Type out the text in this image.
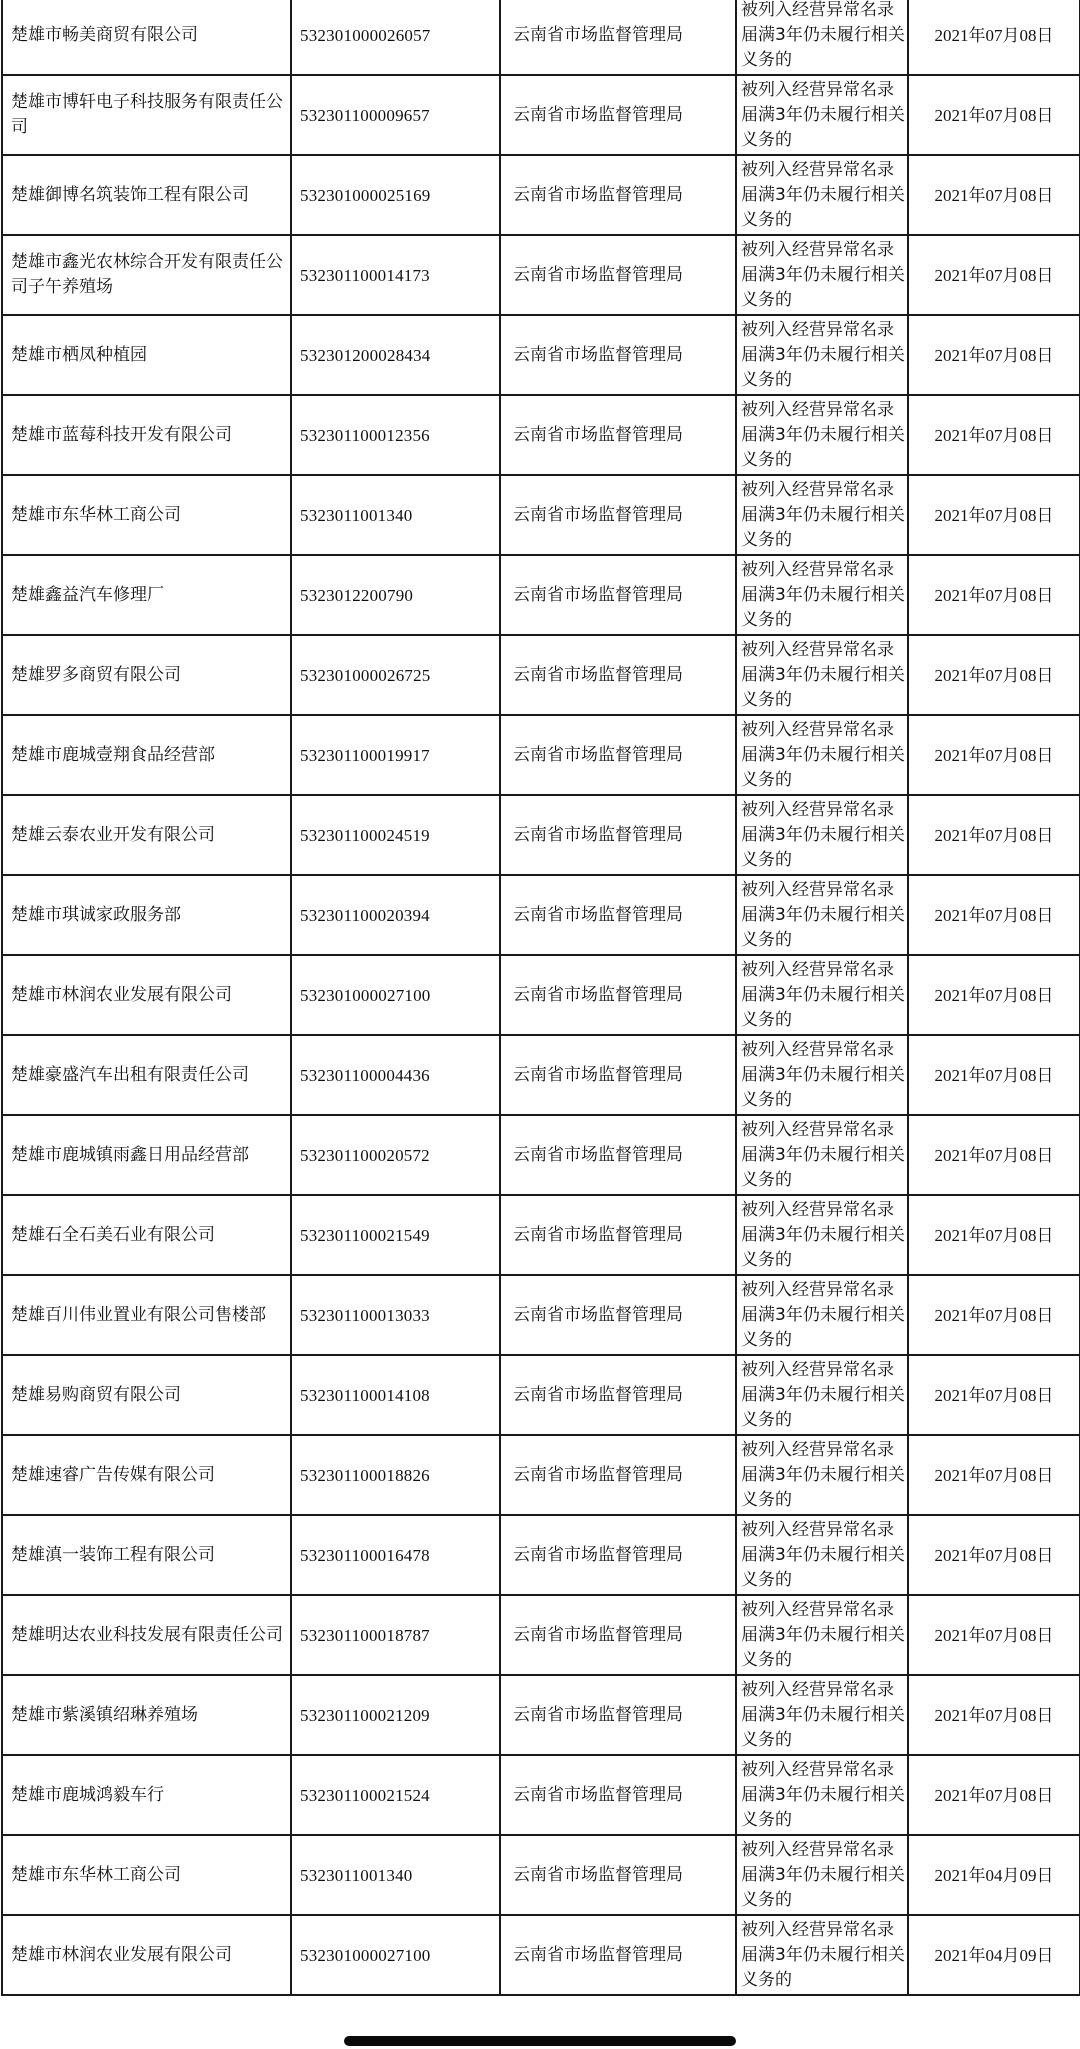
楚雄市畅美商贸有限公司	532301000026057	云南省市场监督管理局	被列入经营异常名录届满3年仍未履行相关义务的	2021年07月08日
楚雄市博轩电子科技服务有限责任公司	532301100009657	云南省市场监督管理局	被列入经营异常名录届满3年仍未履行相关义务的	2021年07月08日
楚雄御博名筑装饰工程有限公司	532301000025169	云南省市场监督管理局	被列入经营异常名录届满3年仍未履行相关义务的	2021年07月08日
楚雄市鑫光农林综合开发有限责任公司子午养殖场	532301100014173	云南省市场监督管理局	被列入经营异常名录届满3年仍未履行相关义务的	2021年07月08日
楚雄市栖凤种植园	532301200028434	云南省市场监督管理局	被列入经营异常名录届满3年仍未履行相关义务的	2021年07月08日
楚雄市蓝莓科技开发有限公司	532301100012356	云南省市场监督管理局	被列入经营异常名录届满3年仍未履行相关义务的	2021年07月08日
楚雄市东华林工商公司	5323011001340	云南省市场监督管理局	被列入经营异常名录届满3年仍未履行相关义务的	2021年07月08日
楚雄鑫益汽车修理厂	5323012200790	云南省市场监督管理局	被列入经营异常名录届满3年仍未履行相关义务的	2021年07月08日
楚雄罗多商贸有限公司	532301000026725	云南省市场监督管理局	被列入经营异常名录届满3年仍未履行相关义务的	2021年07月08日
楚雄市鹿城壹翔食品经营部	532301100019917	云南省市场监督管理局	被列入经营异常名录届满3年仍未履行相关义务的	2021年07月08日
楚雄云泰农业开发有限公司	532301100024519	云南省市场监督管理局	被列入经营异常名录届满3年仍未履行相关义务的	2021年07月08日
楚雄市琪诚家政服务部	532301100020394	云南省市场监督管理局	被列入经营异常名录届满3年仍未履行相关义务的	2021年07月08日
楚雄市林润农业发展有限公司	532301000027100	云南省市场监督管理局	被列入经营异常名录届满3年仍未履行相关义务的	2021年07月08日
楚雄豪盛汽车出租有限责任公司	532301100004436	云南省市场监督管理局	被列入经营异常名录届满3年仍未履行相关义务的	2021年07月08日
楚雄市鹿城镇雨鑫日用品经营部	532301100020572	云南省市场监督管理局	被列入经营异常名录届满3年仍未履行相关义务的	2021年07月08日
楚雄石全石美石业有限公司	532301100021549	云南省市场监督管理局	被列入经营异常名录届满3年仍未履行相关义务的	2021年07月08日
楚雄百川伟业置业有限公司售楼部	532301100013033	云南省市场监督管理局	被列入经营异常名录届满3年仍未履行相关义务的	2021年07月08日
楚雄易购商贸有限公司	532301100014108	云南省市场监督管理局	被列入经营异常名录届满3年仍未履行相关义务的	2021年07月08日
楚雄速睿广告传媒有限公司	532301100018826	云南省市场监督管理局	被列入经营异常名录届满3年仍未履行相关义务的	2021年07月08日
楚雄滇一装饰工程有限公司	532301100016478	云南省市场监督管理局	被列入经营异常名录届满3年仍未履行相关义务的	2021年07月08日
楚雄明达农业科技发展有限责任公司	532301100018787	云南省市场监督管理局	被列入经营异常名录届满3年仍未履行相关义务的	2021年07月08日
楚雄市紫溪镇绍琳养殖场	532301100021209	云南省市场监督管理局	被列入经营异常名录届满3年仍未履行相关义务的	2021年07月08日
楚雄市鹿城鸿毅车行	532301100021524	云南省市场监督管理局	被列入经营异常名录届满3年仍未履行相关义务的	2021年07月08日
楚雄市东华林工商公司	5323011001340	云南省市场监督管理局	被列入经营异常名录届满3年仍未履行相关义务的	2021年04月09日
楚雄市林润农业发展有限公司	532301000027100	云南省市场监督管理局	被列入经营异常名录届满3年仍未履行相关义务的	2021年04月09日
